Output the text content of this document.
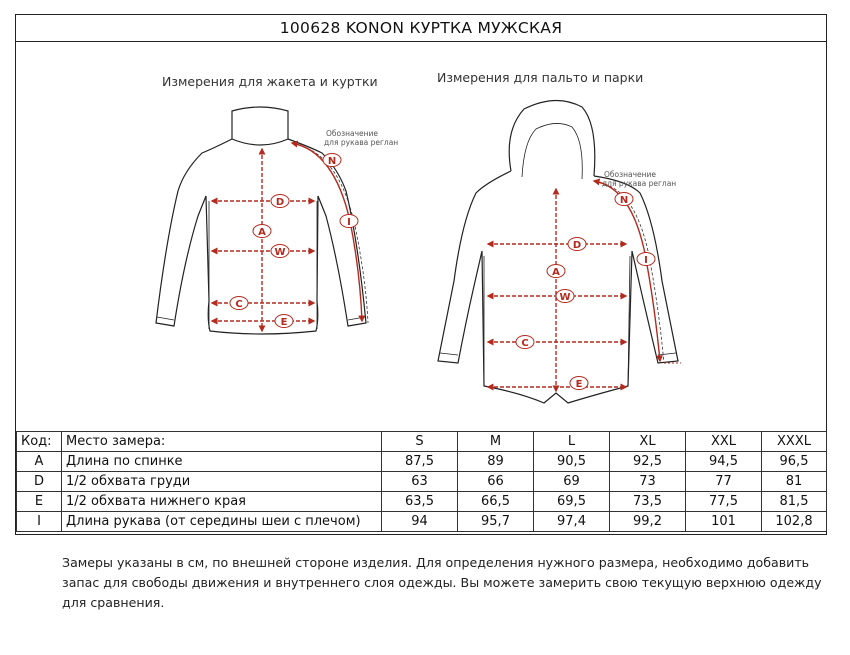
100628 KONON КУРТКА МУЖСКАЯ
Измерения для жакета и куртки	Измерения для пальто и парки
A
D
W
C
E
N
I
Обозначение
для рукава реглан
A
D
W
C
E
N
I
Обозначение
для рукава реглан
Код:	Место замера:	S	M	L	XL	XXL	XXXL
A	Длина по спинке	87,5	89	90,5	92,5	94,5	96,5
D	1/2 обхвата груди	63	66	69	73	77	81
E	1/2 обхвата нижнего края	63,5	66,5	69,5	73,5	77,5	81,5
I	Длина рукава (от середины шеи с плечом)	94	95,7	97,4	99,2	101	102,8
Замеры указаны в см, по внешней стороне изделия. Для определения нужного размера, необходимо добавить запас для свободы движения и внутреннего слоя одежды. Вы можете замерить свою текущую верхнюю одежду для сравнения.
